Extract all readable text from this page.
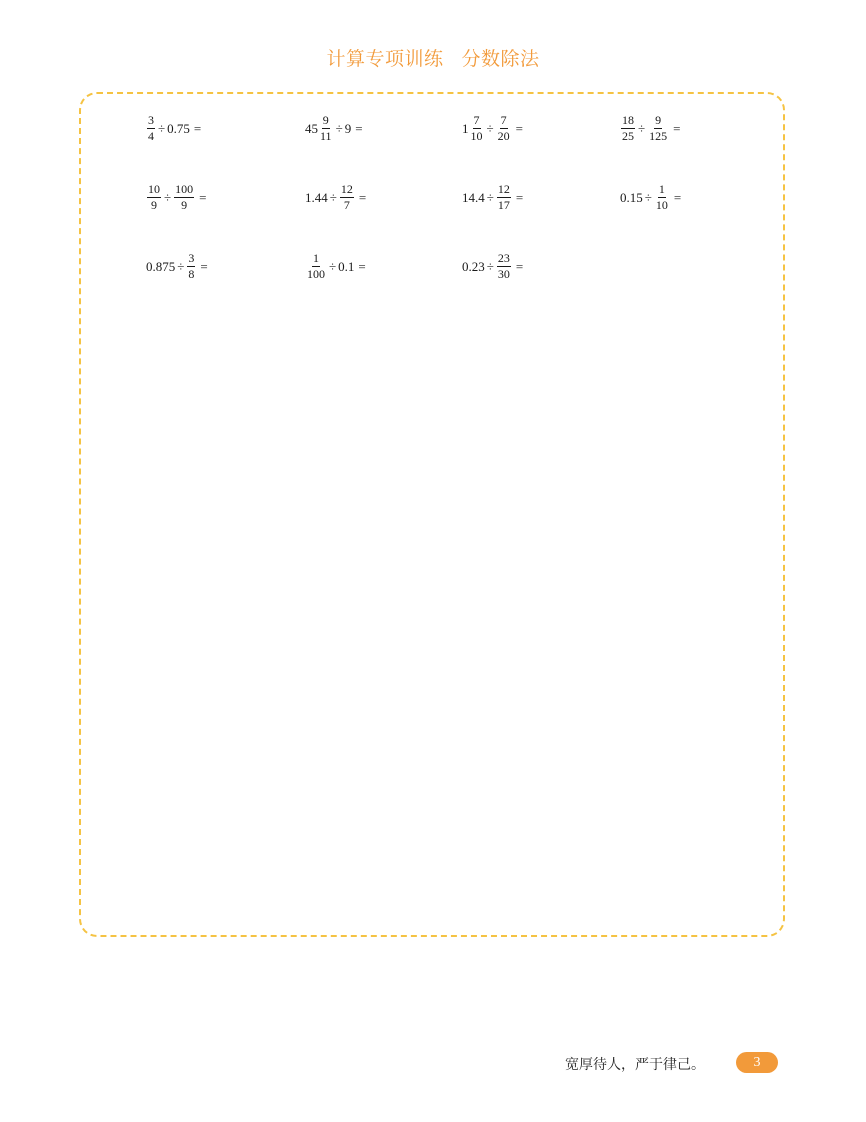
计算专项训练 分数除法
$\frac{3}{4} \div 0.75$ =	$45 \frac{9}{11} \div 9$ =	$1 \frac{7}{10} \div \frac{7}{20}$ =	$\frac{18}{25} \div \frac{9}{125}$ =
$\frac{10}{9} \div \frac{100}{9}$ =	$1.44 \div \frac{12}{7}$ =	$14.4 \div \frac{12}{17}$ =	$0.15 \div \frac{1}{10}$ =
$0.875 \div \frac{3}{8}$ =	$\frac{1}{100} \div 0.1$ =	$0.23 \div \frac{23}{30}$ =
宽厚待人，严于律己。	3
